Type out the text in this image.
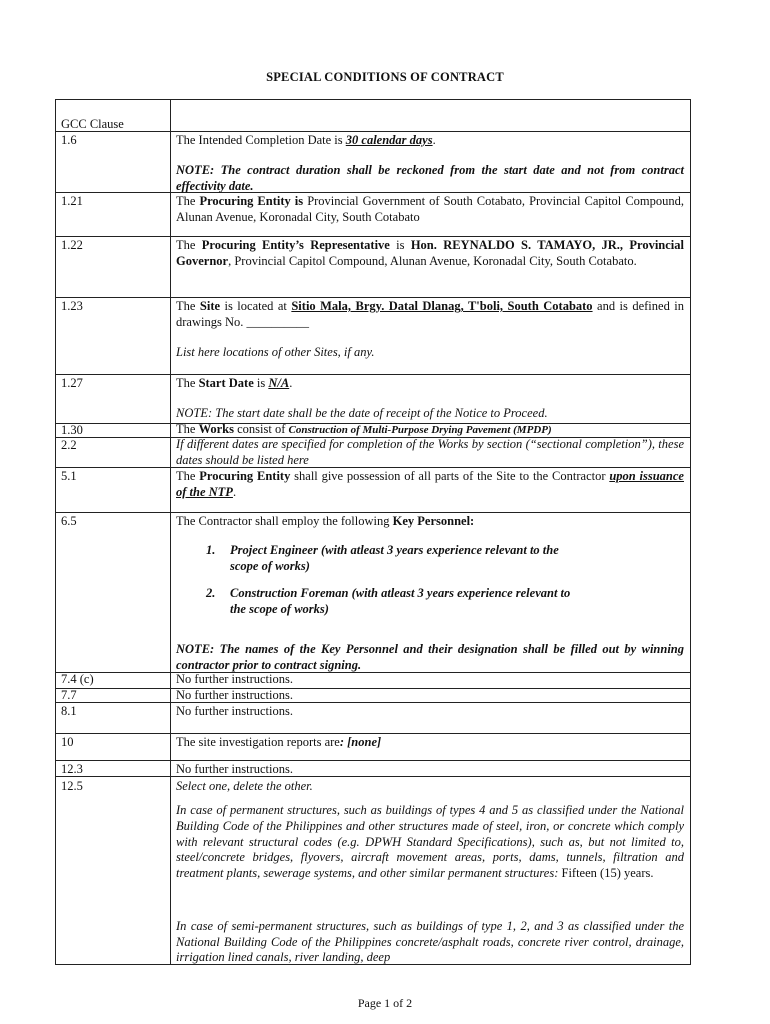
SPECIAL CONDITIONS OF CONTRACT
GCC Clause
1.6	The Intended Completion Date is 30 calendar days.
NOTE: The contract duration shall be reckoned from the start date and not from contract effectivity date.
1.21	The Procuring Entity is Provincial Government of South Cotabato, Provincial Capitol Compound, Alunan Avenue, Koronadal City, South Cotabato
1.22	The Procuring Entity’s Representative is Hon. REYNALDO S. TAMAYO, JR., Provincial Governor, Provincial Capitol Compound, Alunan Avenue, Koronadal City, South Cotabato.
1.23	The Site is located at Sitio Mala, Brgy. Datal Dlanag, T'boli, South Cotabato and is defined in drawings No. __________
List here locations of other Sites, if any.
1.27	The Start Date is N/A.
NOTE: The start date shall be the date of receipt of the Notice to Proceed.
1.30	The Works consist of Construction of Multi-Purpose Drying Pavement (MPDP)
2.2	If different dates are specified for completion of the Works by section (“sectional completion”), these dates should be listed here
5.1	The Procuring Entity shall give possession of all parts of the Site to the Contractor upon issuance of the NTP.
6.5	The Contractor shall employ the following Key Personnel:
1. Project Engineer (with atleast 3 years experience relevant to the
scope of works)
2. Construction Foreman (with atleast 3 years experience relevant to
the scope of works)
NOTE: The names of the Key Personnel and their designation shall be filled out by winning contractor prior to contract signing.
7.4 (c)	No further instructions.
7.7	No further instructions.
8.1	No further instructions.
10	The site investigation reports are: [none]
12.3	No further instructions.
12.5	Select one, delete the other.
In case of permanent structures, such as buildings of types 4 and 5 as classified under the National Building Code of the Philippines and other structures made of steel, iron, or concrete which comply with relevant structural codes (e.g. DPWH Standard Specifications), such as, but not limited to, steel/concrete bridges, flyovers, aircraft movement areas, ports, dams, tunnels, filtration and treatment plants, sewerage systems, and other similar permanent structures: Fifteen (15) years.
In case of semi-permanent structures, such as buildings of type 1, 2, and 3 as classified under the National Building Code of the Philippines concrete/asphalt roads, concrete river control, drainage, irrigation lined canals, river landing, deep
Page 1 of 2
